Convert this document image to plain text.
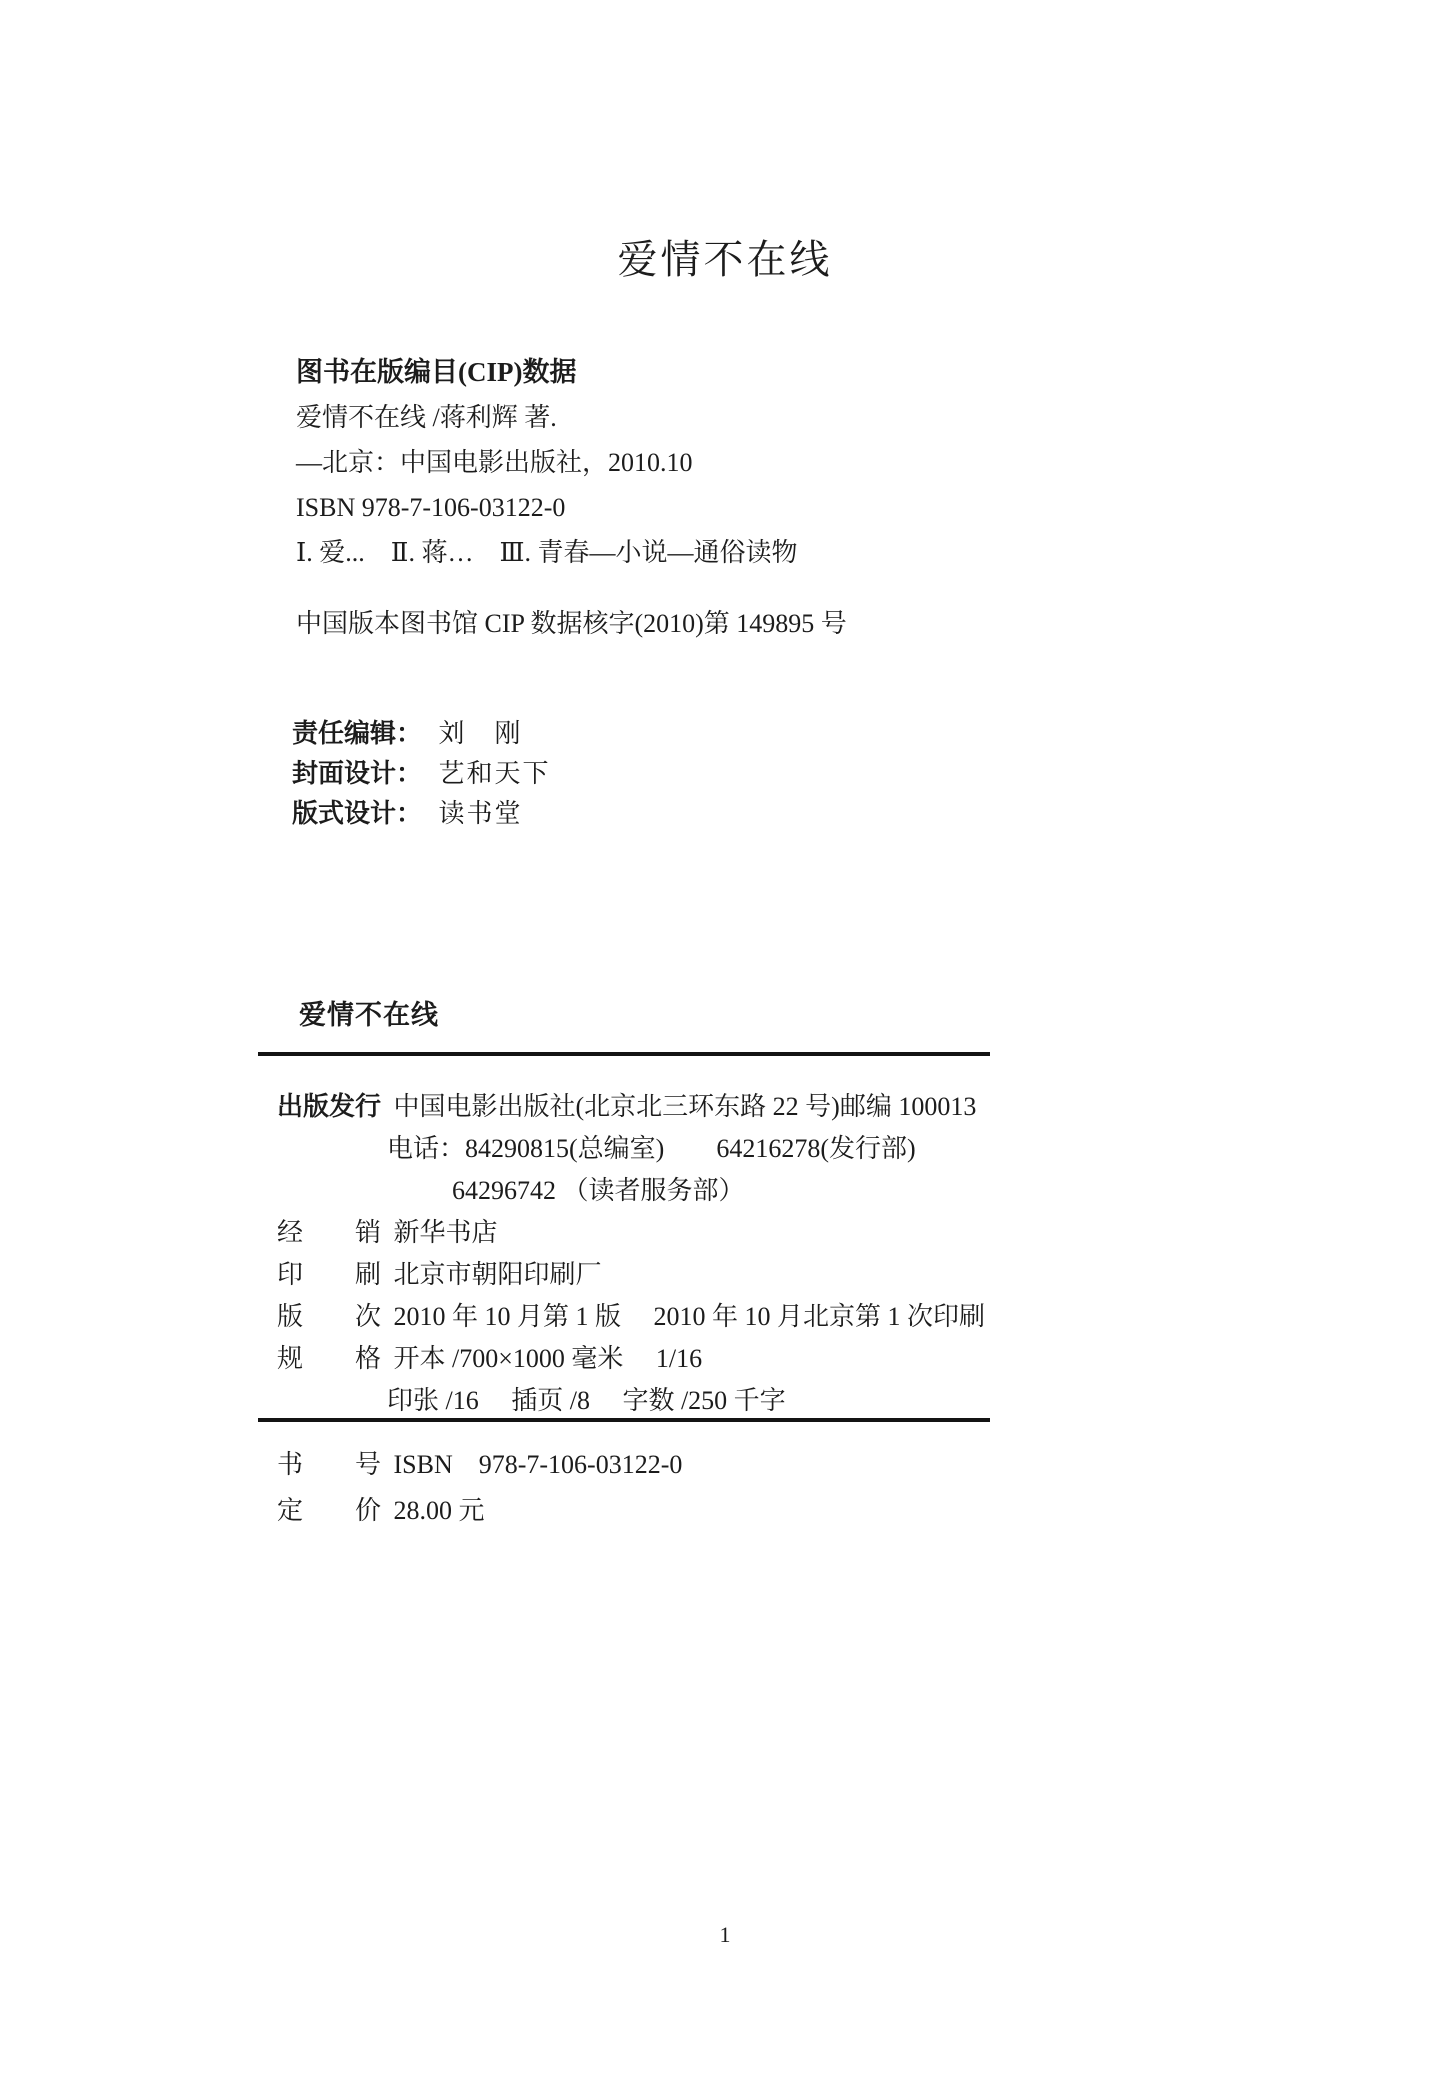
爱情不在线

图书在版编目(CIP)数据

爱情不在线 /蒋利辉 著.

—北京：中国电影出版社，2010.10

ISBN 978-7-106-03122-0

Ⅰ. 爱...　Ⅱ. 蒋…　Ⅲ. 青春—小说—通俗读物

中国版本图书馆 CIP 数据核字(2010)第 149895 号

责任编辑： 刘　刚

封面设计： 艺和天下

版式设计： 读书堂

爱情不在线
出版发行 中国电影出版社(北京北三环东路 22 号)邮编 100013
电话：84290815(总编室)　　64216278(发行部)
64296742 （读者服务部）
经　　销 新华书店
印　　刷 北京市朝阳印刷厂
版　　次 2010 年 10 月第 1 版　 2010 年 10 月北京第 1 次印刷
规　　格 开本 /700×1000 毫米　 1/16
印张 /16　 插页 /8　 字数 /250 千字
书　　号 ISBN　978-7-106-03122-0
定　　价 28.00 元
1
